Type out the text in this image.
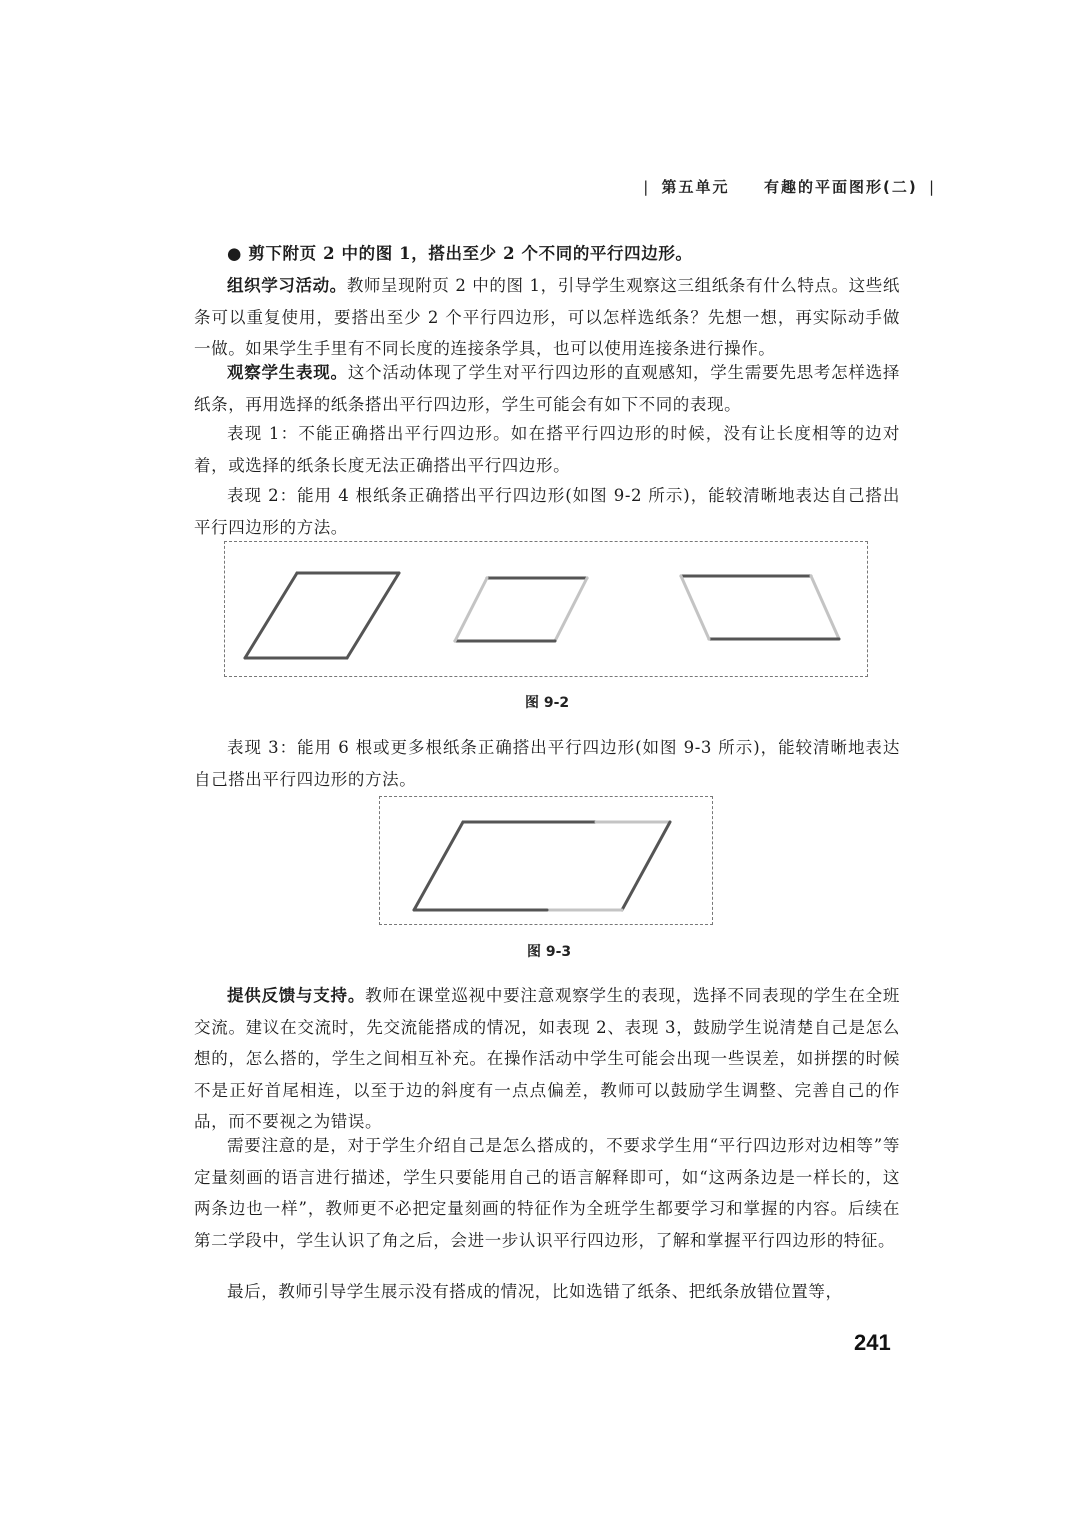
| 第五单元 有趣的平面图形(二) |

● 剪下附页 2 中的图 1，搭出至少 2 个不同的平行四边形。

组织学习活动。教师呈现附页 2 中的图 1，引导学生观察这三组纸条有什么特点。这些纸条可以重复使用，要搭出至少 2 个平行四边形，可以怎样选纸条？先想一想，再实际动手做一做。如果学生手里有不同长度的连接条学具，也可以使用连接条进行操作。

观察学生表现。这个活动体现了学生对平行四边形的直观感知，学生需要先思考怎样选择纸条，再用选择的纸条搭出平行四边形，学生可能会有如下不同的表现。

表现 1：不能正确搭出平行四边形。如在搭平行四边形的时候，没有让长度相等的边对着，或选择的纸条长度无法正确搭出平行四边形。

表现 2：能用 4 根纸条正确搭出平行四边形(如图 9-2 所示)，能较清晰地表达自己搭出平行四边形的方法。

图 9-2

表现 3：能用 6 根或更多根纸条正确搭出平行四边形(如图 9-3 所示)，能较清晰地表达自己搭出平行四边形的方法。

图 9-3

提供反馈与支持。教师在课堂巡视中要注意观察学生的表现，选择不同表现的学生在全班交流。建议在交流时，先交流能搭成的情况，如表现 2、表现 3，鼓励学生说清楚自己是怎么想的，怎么搭的，学生之间相互补充。在操作活动中学生可能会出现一些误差，如拼摆的时候不是正好首尾相连，以至于边的斜度有一点点偏差，教师可以鼓励学生调整、完善自己的作品，而不要视之为错误。

需要注意的是，对于学生介绍自己是怎么搭成的，不要求学生用“平行四边形对边相等”等定量刻画的语言进行描述，学生只要能用自己的语言解释即可，如“这两条边是一样长的，这两条边也一样”，教师更不必把定量刻画的特征作为全班学生都要学习和掌握的内容。后续在第二学段中，学生认识了角之后，会进一步认识平行四边形，了解和掌握平行四边形的特征。

最后，教师引导学生展示没有搭成的情况，比如选错了纸条、把纸条放错位置等，

241
